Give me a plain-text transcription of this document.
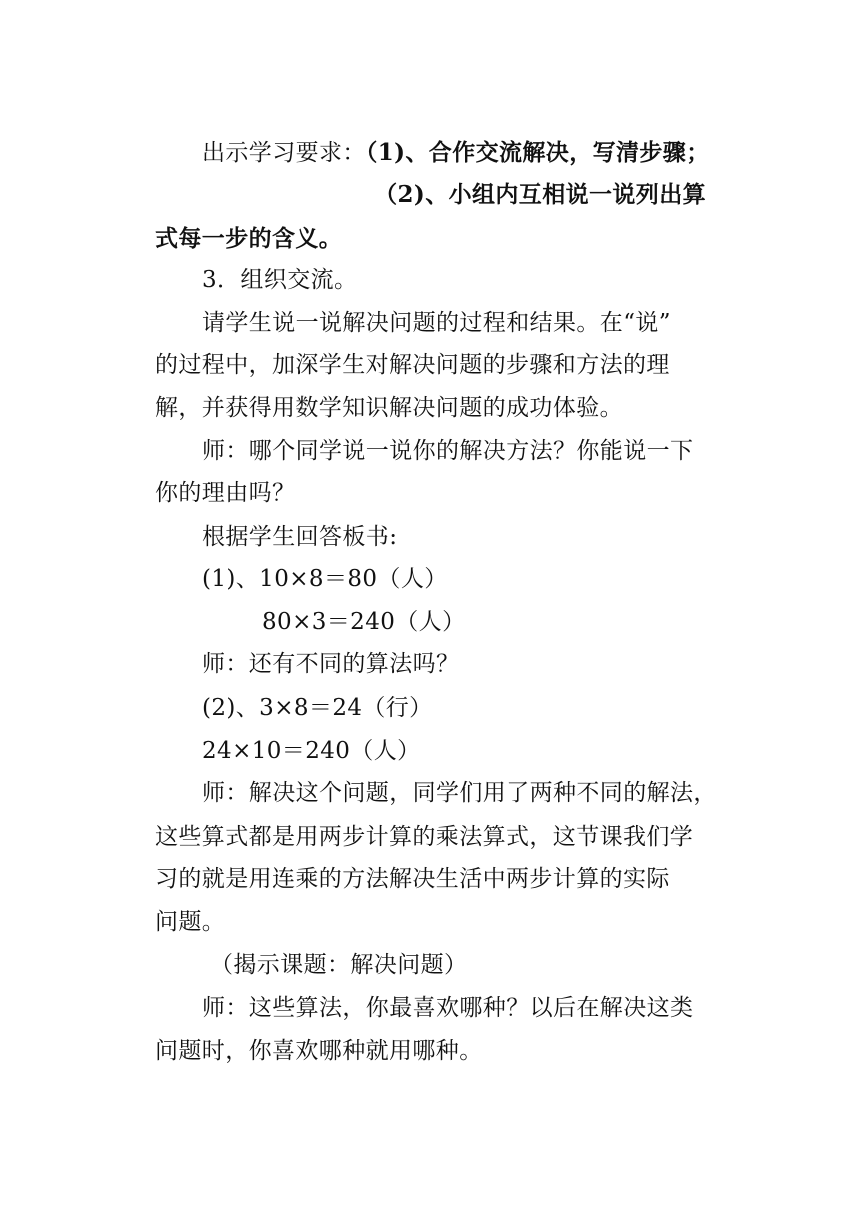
出示学习要求：（1)、合作交流解决，写清步骤；
（2)、小组内互相说一说列出算
式每一步的含义。
3．组织交流。
请学生说一说解决问题的过程和结果。在“说”
的过程中，加深学生对解决问题的步骤和方法的理
解，并获得用数学知识解决问题的成功体验。
师：哪个同学说一说你的解决方法？你能说一下
你的理由吗？
根据学生回答板书:
(1)、10×8＝80（人）
80×3＝240（人）
师：还有不同的算法吗？
(2)、3×8＝24（行）
24×10＝240（人）
师：解决这个问题，同学们用了两种不同的解法，
这些算式都是用两步计算的乘法算式，这节课我们学
习的就是用连乘的方法解决生活中两步计算的实际
问题。
（揭示课题：解决问题）
师：这些算法，你最喜欢哪种？以后在解决这类
问题时，你喜欢哪种就用哪种。
